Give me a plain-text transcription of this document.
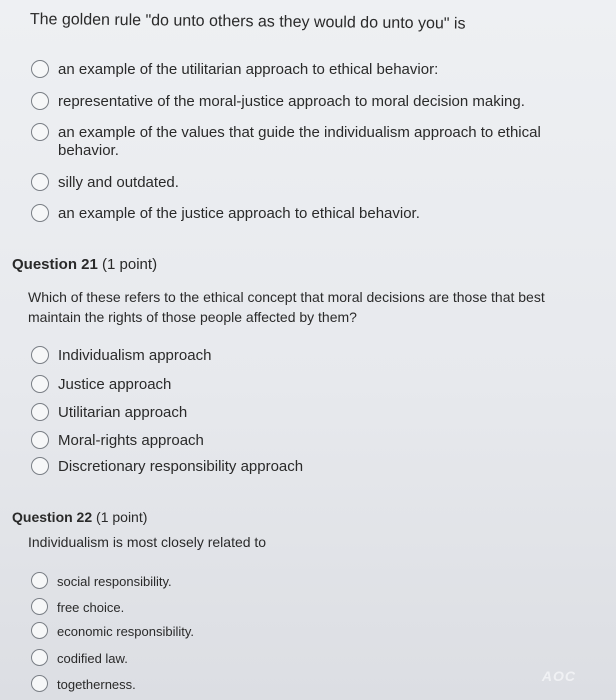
The golden rule "do unto others as they would do unto you" is
an example of the utilitarian approach to ethical behavior:
representative of the moral-justice approach to moral decision making.
an example of the values that guide the individualism approach to ethical
behavior.
silly and outdated.
an example of the justice approach to ethical behavior.
Question 21 (1 point)
Which of these refers to the ethical concept that moral decisions are those that best maintain the rights of those people affected by them?
Individualism approach
Justice approach
Utilitarian approach
Moral-rights approach
Discretionary responsibility approach
Question 22 (1 point)
Individualism is most closely related to
social responsibility.
free choice.
economic responsibility.
codified law.
togetherness.
AOC
